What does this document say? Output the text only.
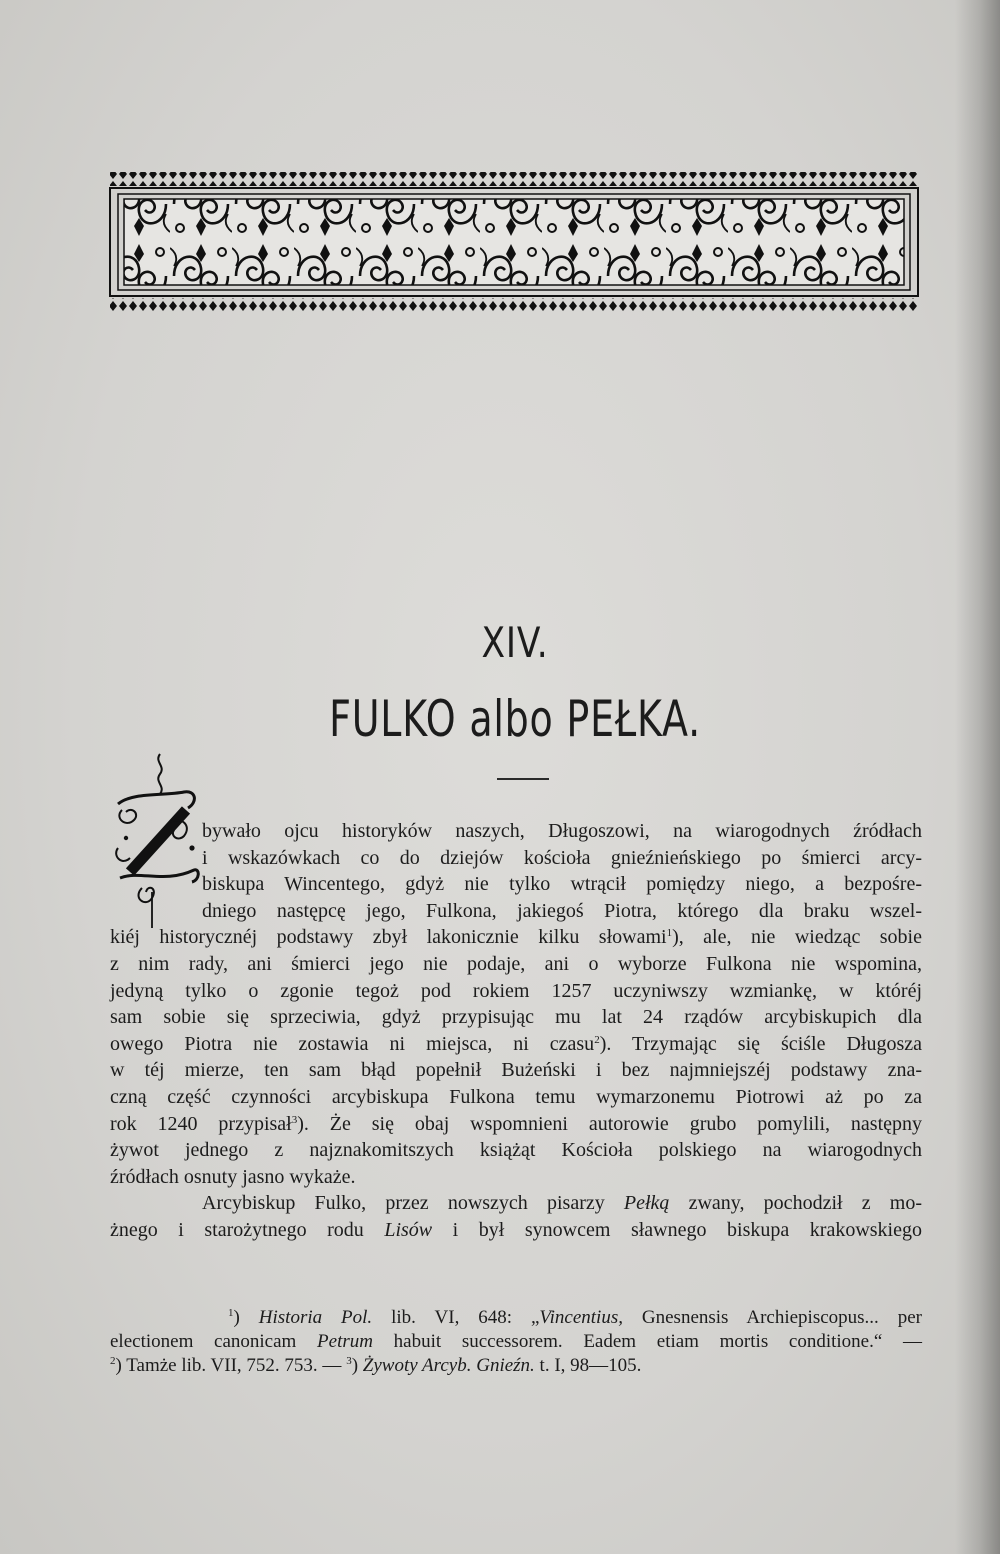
XIV.
FULKO albo PEŁKA.

bywało ojcu historyków naszych, Długoszowi, na wiarogodnych źródłach
i wskazówkach co do dziejów kościoła gnieźnieńskiego po śmierci arcy-
biskupa Wincentego, gdyż nie tylko wtrącił pomiędzy niego, a bezpośre-
dniego następcę jego, Fulkona, jakiegoś Piotra, którego dla braku wszel-
kiéj historycznéj podstawy zbył lakonicznie kilku słowami$^1$), ale, nie wiedząc sobie
z nim rady, ani śmierci jego nie podaje, ani o wyborze Fulkona nie wspomina,
jedyną tylko o zgonie tegoż pod rokiem 1257 uczyniwszy wzmiankę, w któréj
sam sobie się sprzeciwia, gdyż przypisując mu lat 24 rządów arcybiskupich dla
owego Piotra nie zostawia ni miejsca, ni czasu$^2$). Trzymając się ściśle Długosza
w téj mierze, ten sam błąd popełnił Bużeński i bez najmniejszéj podstawy zna-
czną część czynności arcybiskupa Fulkona temu wymarzonemu Piotrowi aż po za
rok 1240 przypisał$^3$). Że się obaj wspomnieni autorowie grubo pomylili, następny
żywot jednego z najznakomitszych książąt Kościoła polskiego na wiarogodnych
źródłach osnuty jasno wykaże.

Arcybiskup Fulko, przez nowszych pisarzy Pełką zwany, pochodził z mo-
żnego i starożytnego rodu Lisów i był synowcem sławnego biskupa krakowskiego

$^1$) Historia Pol. lib. VI, 648: „Vincentius, Gnesnensis Archiepiscopus... per
electionem canonicam Petrum habuit successorem. Eadem etiam mortis conditione.“ —
$^2$) Tamże lib. VII, 752. 753. — $^3$) Żywoty Arcyb. Gnieźn. t. I, 98—105.
